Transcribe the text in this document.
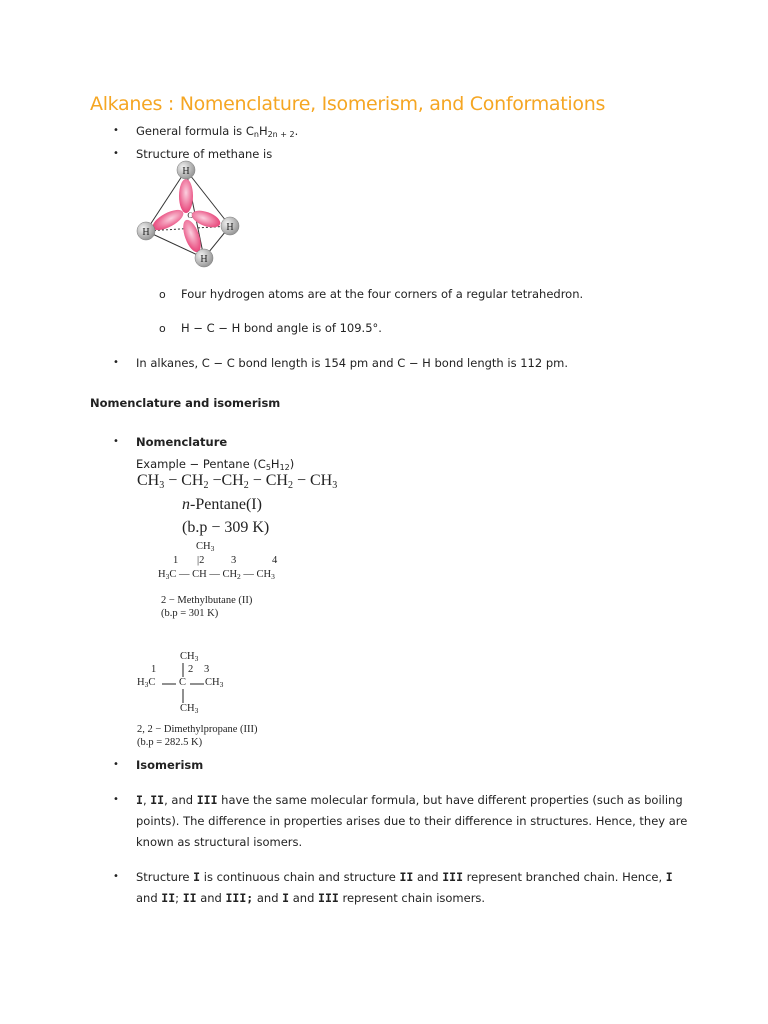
Alkanes : Nomenclature, Isomerism, and Conformations
• General formula is $C_nH_{2n + 2}$.
• Structure of methane is
H
H	H
H
C
o Four hydrogen atoms are at the four corners of a regular tetrahedron.
o H − C − H bond angle is of 109.5°.
• In alkanes, C − C bond length is 154 pm and C − H bond length is 112 pm.
Nomenclature and isomerism
• Nomenclature
Example − Pentane $(C_5H_{12})$
CH3 − CH2 −CH2 − CH2 − CH3
n-Pentane(I)
(b.p − 309 K)
CH3
1 |2	3	4
H3C — CH — CH2 — CH3
2 − Methylbutane (II)
(b.p = 301 K)
CH3
1	2 3
H3C C CH3
CH3
2, 2 − Dimethylpropane (III)
(b.p = 282.5 K)
• Isomerism
• I, II, and III have the same molecular formula, but have different properties (such as boiling points). The difference in properties arises due to their difference in structures. Hence, they are known as structural isomers.
• Structure I is continuous chain and structure II and III represent branched chain. Hence, I and II; II and III; and I and III represent chain isomers.
